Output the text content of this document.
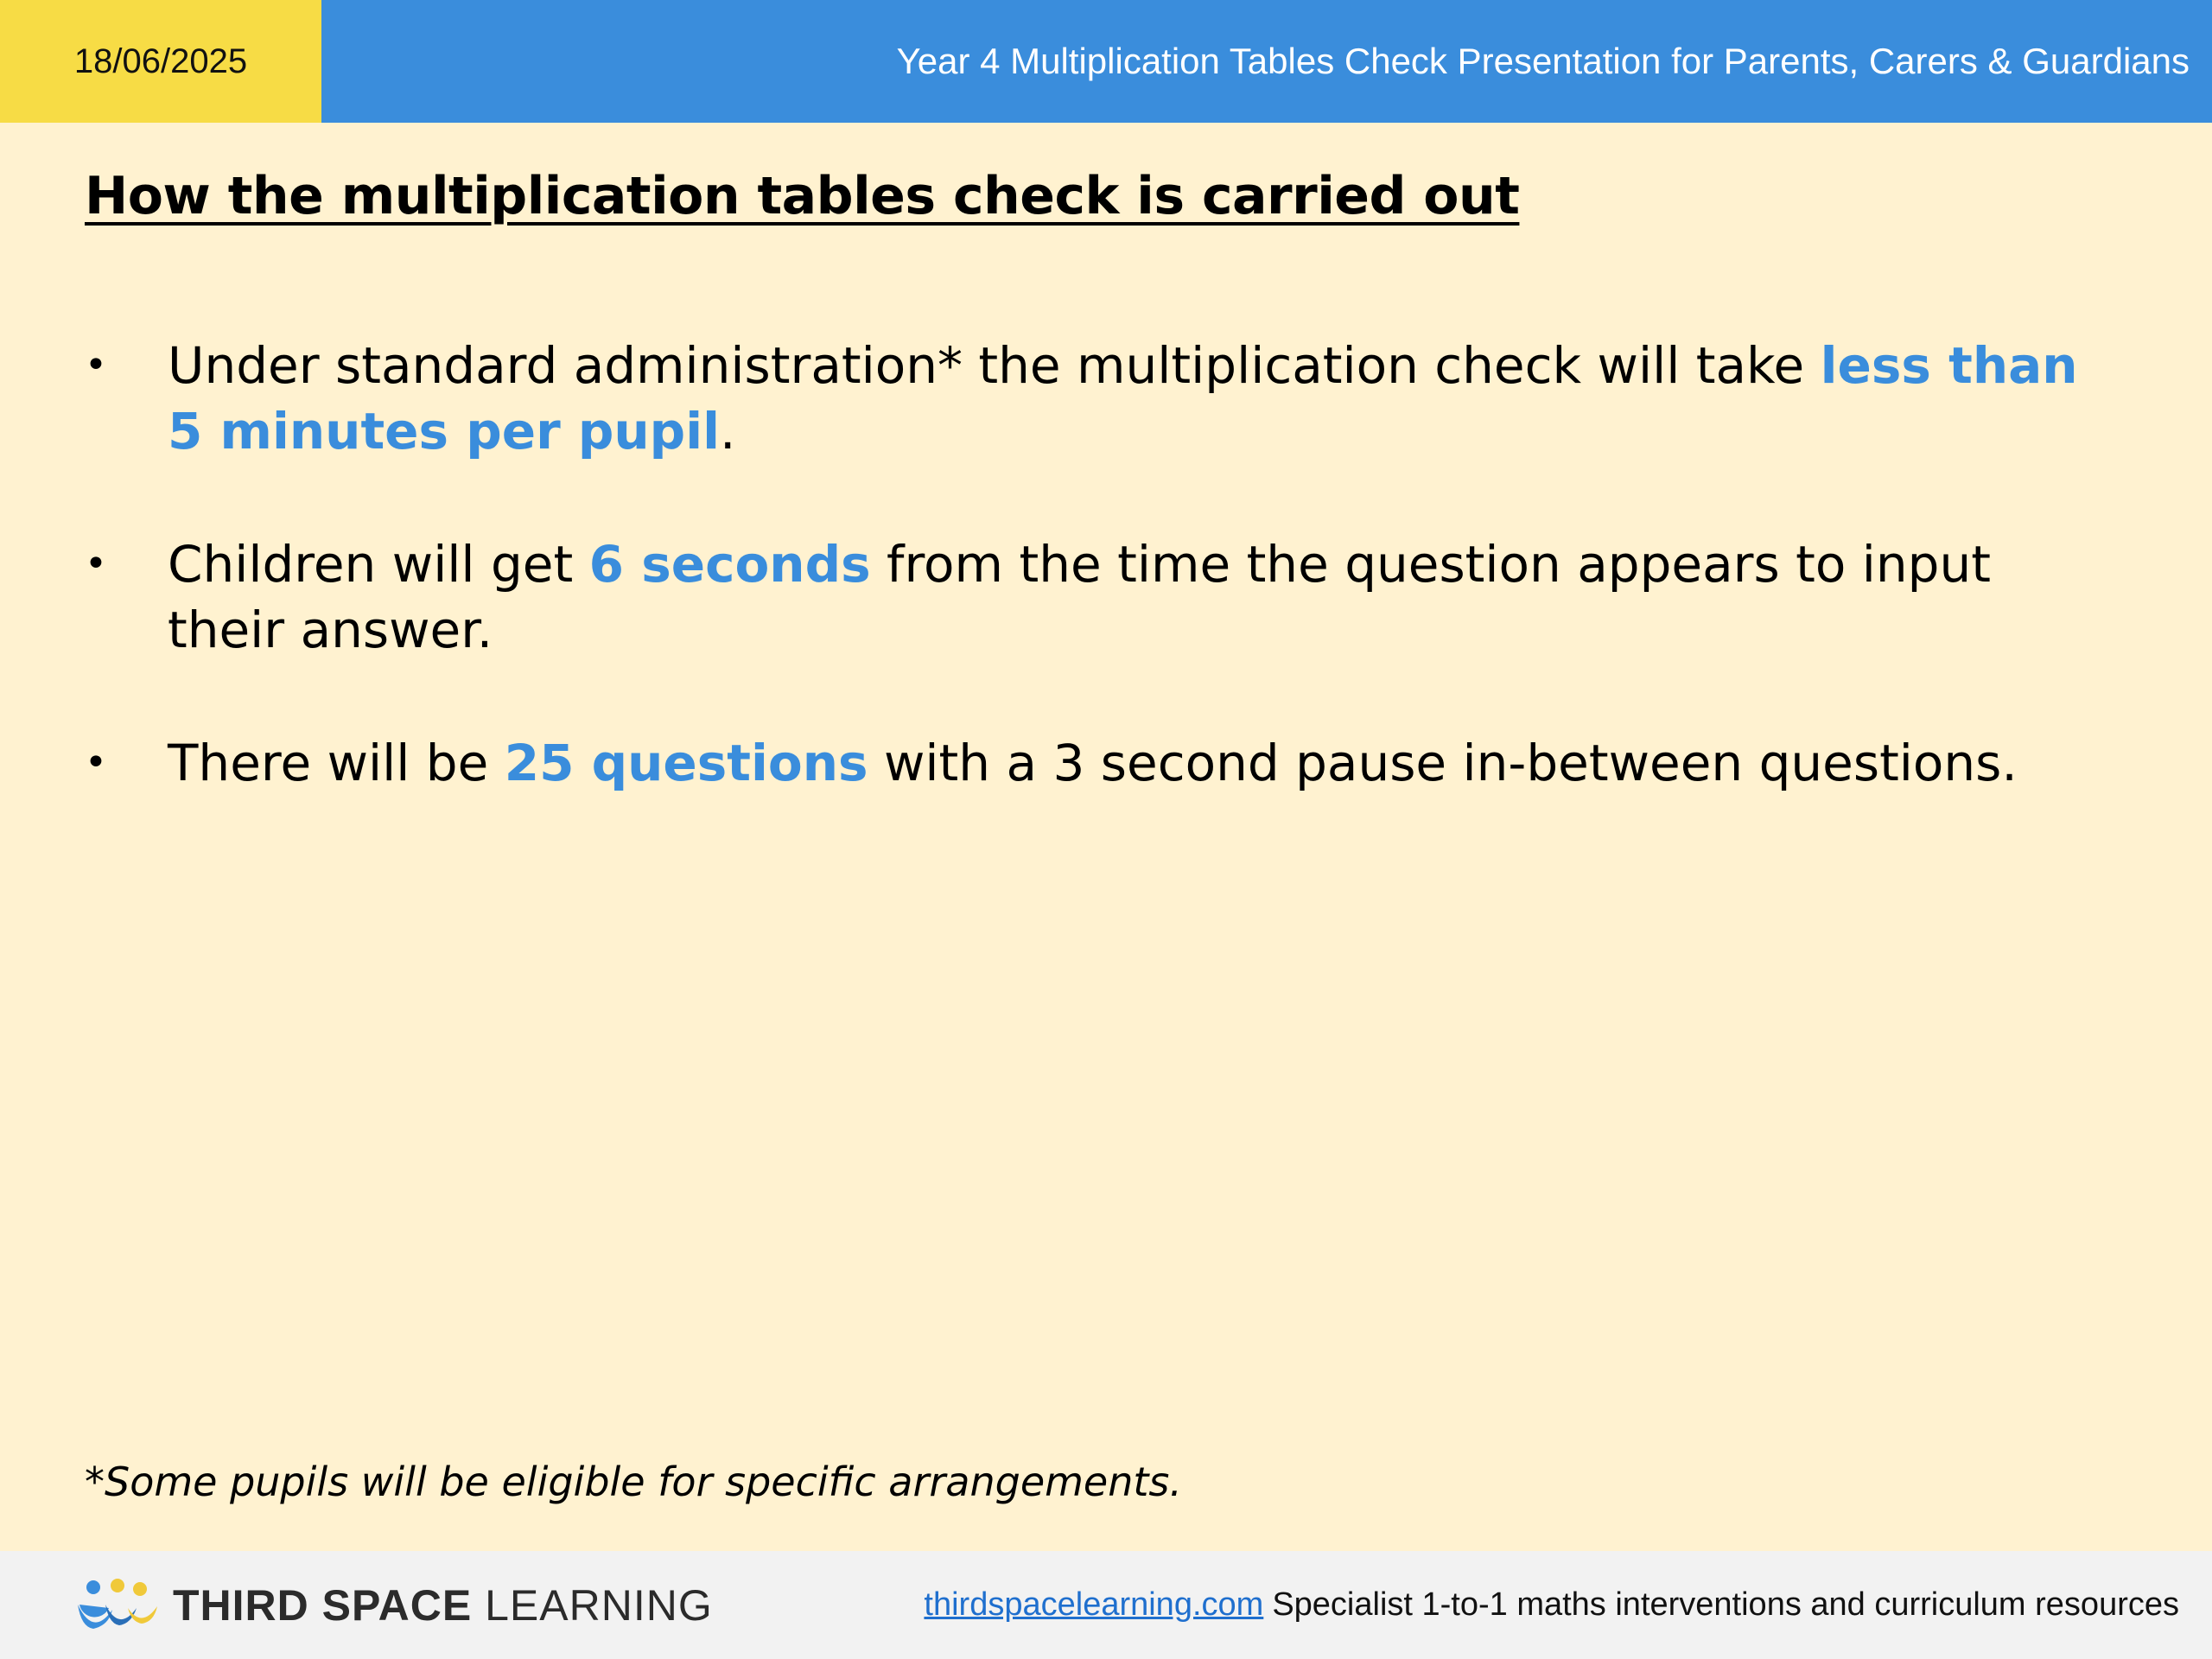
18/06/2025	Year 4 Multiplication Tables Check Presentation for Parents, Carers & Guardians
How the multiplication tables check is carried out
• Under standard administration* the multiplication check will take less than 5 minutes per pupil.
• Children will get 6 seconds from the time the question appears to input their answer.
• There will be 25 questions with a 3 second pause in-between questions.
*Some pupils will be eligible for specific arrangements.
THIRD SPACE LEARNING	thirdspacelearning.com Specialist 1-to-1 maths interventions and curriculum resources
